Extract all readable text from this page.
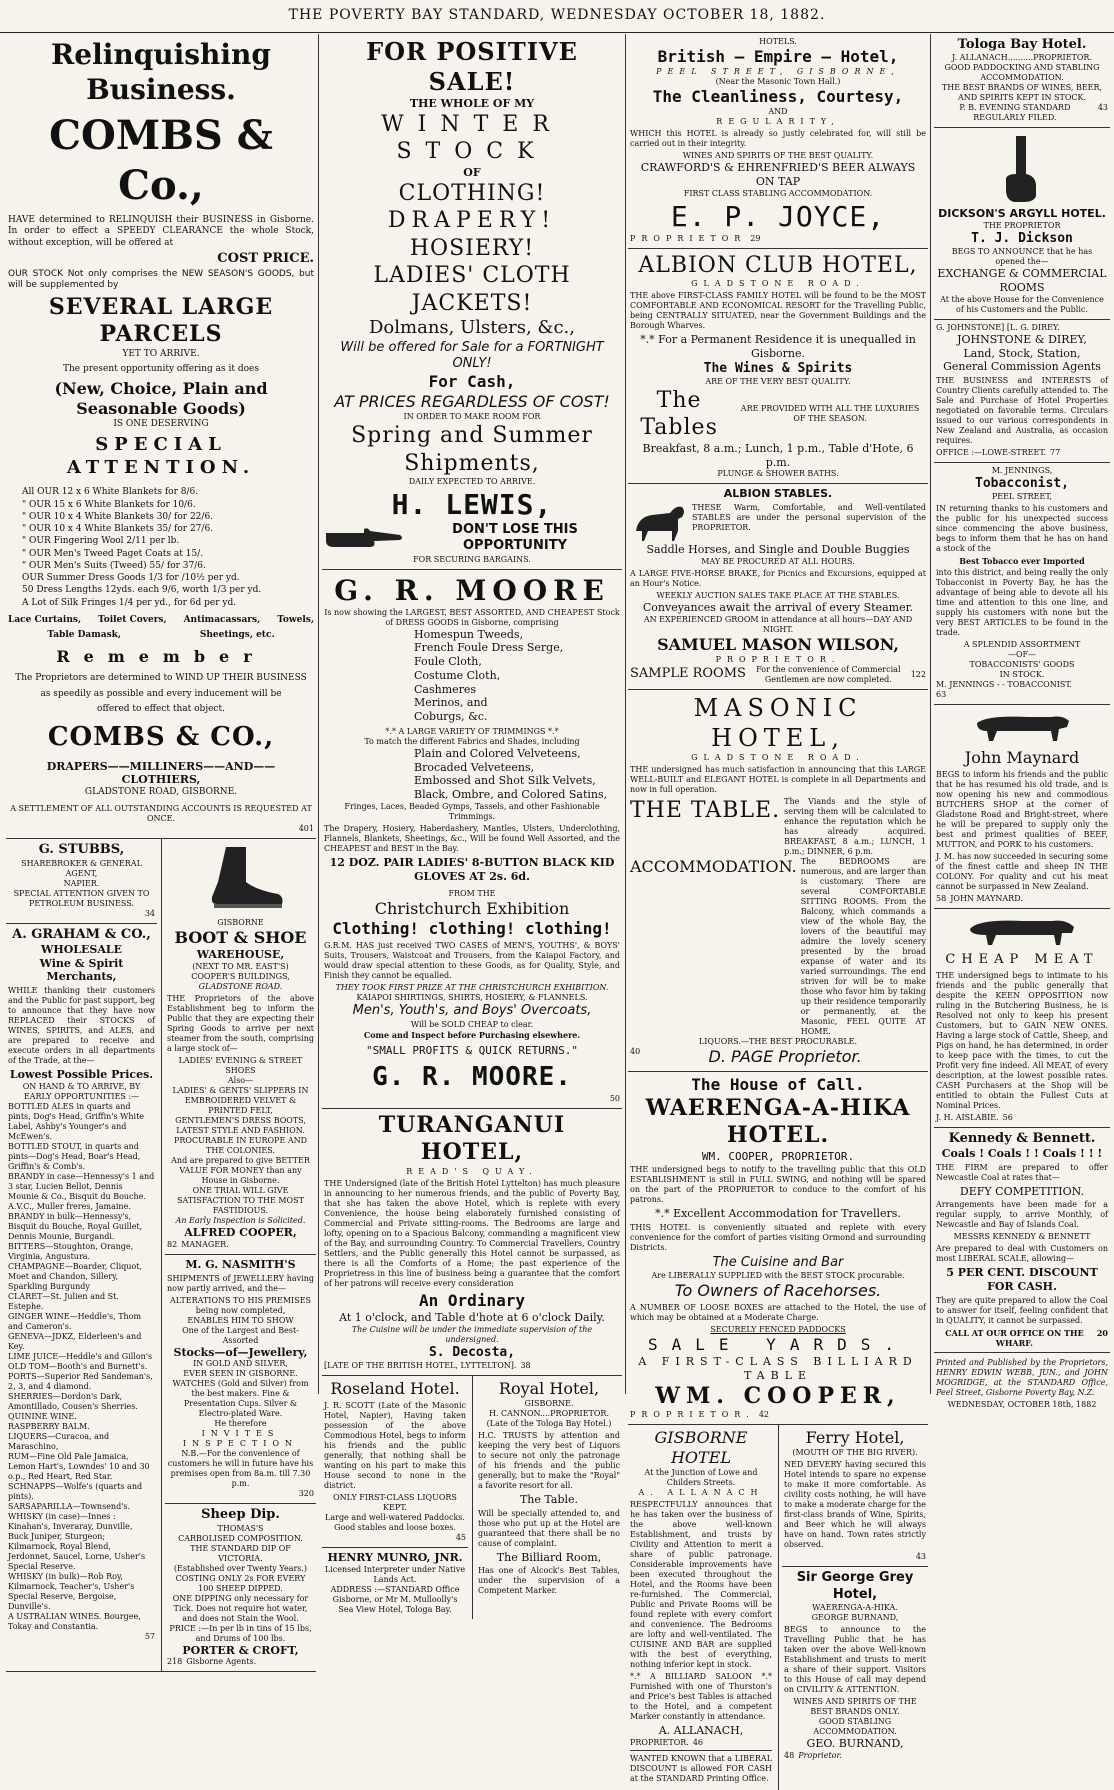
THE POVERTY BAY STANDARD, WEDNESDAY OCTOBER 18, 1882.
Relinquishing Business.
COMBS & Co.,

HAVE determined to RELINQUISH their BUSINESS in Gisborne. In order to effect a SPEEDY CLEARANCE the whole Stock, without exception, will be offered at

COST PRICE.

OUR STOCK Not only comprises the NEW SEASON'S GOODS, but will be supplemented by

SEVERAL LARGE PARCELS
YET TO ARRIVE.
The present opportunity offering as it does
(New, Choice, Plain and Seasonable Goods)
IS ONE DESERVING
SPECIAL ATTENTION.
All OUR 12 x 6 White Blankets for 8/6.
" OUR 15 x 6 White Blankets for 10/6.
" OUR 10 x 4 White Blankets 30/ for 22/6.
" OUR 10 x 4 White Blankets 35/ for 27/6.
" OUR Fingering Wool 2/11 per lb.
" OUR Men's Tweed Paget Coats at 15/.
" OUR Men's Suits (Tweed) 55/ for 37/6.
OUR Summer Dress Goods 1/3 for /10½ per yd.
50 Dress Lengths 12yds. each 9/6, worth 1/3 per yd.
A Lot of Silk Fringes 1/4 per yd., for 6d per yd.
Lace Curtains, Toilet Covers, Antimacassars, Towels,
Table Damask,	Sheetings, etc.
Remember
The Proprietors are determined to WIND UP THEIR BUSINESS
as speedily as possible and every inducement will be
offered to effect that object.
COMBS & CO.,
DRAPERS——MILLINERS——AND——CLOTHIERS,
GLADSTONE ROAD, GISBORNE.
A SETTLEMENT OF ALL OUTSTANDING ACCOUNTS IS REQUESTED AT ONCE.
401
G. STUBBS,
SHAREBROKER & GENERAL AGENT,
NAPIER.
SPECIAL ATTENTION GIVEN TO PETROLEUM BUSINESS.
34
A. GRAHAM & CO.,
WHOLESALE
Wine & Spirit Merchants,

WHILE thanking their customers and the Public for past support, beg to announce that they have now REPLACED their STOCKS of WINES, SPIRITS, and ALES, and are prepared to receive and execute orders in all departments of the Trade, at the—

Lowest Possible Prices.
ON HAND & TO ARRIVE, BY EARLY OPPORTUNITIES :—
BOTTLED ALES in quarts and pints, Dog's Head, Griffin's White Label, Ashby's Younger's and McEwen's.
BOTTLED STOUT, in quarts and pints—Dog's Head, Boar's Head, Griffin's & Comb's.
BRANDY in case—Hennessy's 1 and 3 star, Lucien Bellot, Dennis Mounie & Co., Bisquit du Bouche. A.V.C., Muller freres, Jamaine.
BRANDY in bulk—Hennessy's, Bisquit du Bouche, Royal Guillet, Dennis Mounie, Burgandi.
BITTERS—Stoughton, Orange, Virginia, Angustura.
CHAMPAGNE—Boarder, Cliquot, Moet and Chandon, Sillery, Sparkling Burgundy
CLARET—St. Julien and St. Estephe.
GINGER WINE—Heddle's, Thom and Cameron's.
GENEVA—JDKZ, Elderleen's and Key.
LIME JUICE—Heddle's and Gillon's
OLD TOM—Booth's and Burnett's.
PORTS—Superior Red Sandeman's, 2, 3, and 4 diamond.
SHERRIES—Dordon's Dark, Amontillado, Cousen's Sherries.
QUININE WINE.
RASPBERRY BALM.
LIQUERS—Curacoa, and Maraschino,
RUM—Fine Old Pale Jamaica, Lemon Hart's, Lowndes' 10 and 30 o.p., Red Heart, Red Star.
SCHNAPPS—Wolfe's (quarts and pints).
SARSAPARILLA—Townsend's.
WHISKY (in case)—Innes : Kinahan's, Inveraray, Dunville, Buck Juniper, Sturgeon; Kilmarnock, Royal Blend, Jerdonnet, Saucel, Lorne, Usher's Special Reserve.
WHISKY (in bulk)—Rob Roy, Kilmarnock, Teacher's, Usher's Special Reserve, Bergoise, Dunville's.
A USTRALIAN WINES. Bourgee, Tokay and Constantia.
57
GISBORNE
BOOT & SHOE
WAREHOUSE,
(NEXT TO MR. EAST'S)
COOPER'S BUILDINGS,
GLADSTONE ROAD.

THE Proprietors of the above Establishment beg to inform the Public that they are expecting their Spring Goods to arrive per next steamer from the south, comprising a large stock of—

LADIES' EVENING & STREET SHOES
Also—
LADIES' & GENTS' SLIPPERS IN EMBROIDERED VELVET & PRINTED FELT,
GENTLEMEN'S DRESS BOOTS, LATEST STYLE AND FASHION.
PROCURABLE IN EUROPE AND THE COLONIES.
And are prepared to give BETTER VALUE FOR MONEY than any House in Gisborne.
ONE TRIAL WILL GIVE SATISFACTION TO THE MOST FASTIDIOUS.
An Early Inspection is Solicited.
ALFRED COOPER,
82 MANAGER.
M. G. NASMITH'S

SHIPMENTS of JEWELLERY having now partly arrived, and the—

ALTERATIONS TO HIS PREMISES being now completed,
ENABLES HIM TO SHOW
One of the Largest and Best-Assorted
Stocks—of—Jewellery,
IN GOLD AND SILVER,
EVER SEEN IN GISBORNE.
WATCHES (Gold and Silver) from the best makers. Fine & Presentation Cups. Silver & Electro-plated Ware.
He therefore
INVITES INSPECTION
N.B.—For the convenience of customers he will in future have his premises open from 8a.m. till 7.30 p.m.
320
Sheep Dip.
THOMAS'S
CARBOLISED COMPOSITION.
THE STANDARD DIP OF VICTORIA.
(Established over Twenty Years.)
COSTING ONLY 2s FOR EVERY 100 SHEEP DIPPED.
ONE DIPPING only necessary for Tick. Does not require hot water, and does not Stain the Wool.
PRICE :—In per lb in tins of 15 lbs, and Drums of 100 lbs.
PORTER & CROFT,
218 Gisborne Agents.
FOR POSITIVE SALE!
THE WHOLE OF MY
WINTER STOCK
OF
CLOTHING!
DRAPERY!
HOSIERY!
LADIES' CLOTH JACKETS!
Dolmans, Ulsters, &c.,
Will be offered for Sale for a FORTNIGHT ONLY!
For Cash,
AT PRICES REGARDLESS OF COST!
IN ORDER TO MAKE ROOM FOR
Spring and Summer Shipments,
DAILY EXPECTED TO ARRIVE.
H. LEWIS,
DON'T LOSE THIS OPPORTUNITY
FOR SECURING BARGAINS.
G. R. MOORE
Is now showing the LARGEST, BEST ASSORTED, AND CHEAPEST Stock of DRESS GOODS in Gisborne, comprising
Homespun Tweeds,
French Foule Dress Serge,
Foule Cloth,
Costume Cloth,
Cashmeres
Merinos, and
Coburgs, &c.
*.* A LARGE VARIETY OF TRIMMINGS *.*
To match the different Fabrics and Shades, including
Plain and Colored Velveteens,
Brocaded Velveteens,
Embossed and Shot Silk Velvets,
Black, Ombre, and Colored Satins,
Fringes, Laces, Beaded Gymps, Tassels, and other Fashionable Trimmings.

The Drapery, Hosiery, Haberdashery, Mantles, Ulsters, Underclothing, Flannels, Blankets, Sheetings, &c., Will be found Well Assorted, and the CHEAPEST and BEST in the Bay.

12 DOZ. PAIR LADIES' 8-BUTTON BLACK KID GLOVES AT 2s. 6d.
FROM THE
Christchurch Exhibition
Clothing! clothing! clothing!

G.R.M. HAS just received TWO CASES of MEN'S, YOUTHS', & BOYS' Suits, Trousers, Waistcoat and Trousers, from the Kaiapoi Factory, and would draw special attention to these Goods, as for Quality, Style, and Finish they cannot be equalled.

THEY TOOK FIRST PRIZE AT THE CHRISTCHURCH EXHIBITION.
KAIAPOI SHIRTINGS, SHIRTS, HOSIERY, & FLANNELS.
Men's, Youth's, and Boys' Overcoats,
Will be SOLD CHEAP to clear.
Come and Inspect before Purchasing elsewhere.
"SMALL PROFITS & QUICK RETURNS."
G. R. MOORE.
50
TURANGANUI HOTEL,
READ'S QUAY.

THE Undersigned (late of the British Hotel Lyttelton) has much pleasure in announcing to her numerous friends, and the public of Poverty Bay, that she has taken the above Hotel, which is replete with every Convenience, the house being elaborately furnished consisting of Commercial and Private sitting-rooms. The Bedrooms are large and lofty, opening on to a Spacious Balcony, commanding a magnificent view of the Bay, and surrounding Country. To Commercial Travellers, Country Settlers, and the Public generally this Hotel cannot be surpassed, as there is all the Comforts of a Home; the past experience of the Proprietress in this line of business being a guarantee that the comfort of her patrons will receive every consideration

An Ordinary
At 1 o'clock, and Table d'hote at 6 o'clock Daily.
The Cuisine will be under the immediate supervision of the undersigned.
S. Decosta,
[LATE OF THE BRITISH HOTEL, LYTTELTON]. 38
Roseland Hotel.

J. R. SCOTT (Late of the Masonic Hotel, Napier), Having taken possession of the above Commodious Hotel, begs to inform his friends and the public generally, that nothing shall be wanting on his part to make this House second to none in the district.

ONLY FIRST-CLASS LIQUORS KEPT.
Large and well-watered Paddocks. Good stables and loose boxes.
45
HENRY MUNRO, JNR.
Licensed Interpreter under Native Lands Act.
ADDRESS :—STANDARD Office Gisborne, or Mr M. Mulloolly's Sea View Hotel, Tologa Bay.
Royal Hotel,
GISBORNE.
H. CANNON....PROPRIETOR.
(Late of the Tologa Bay Hotel.)

H.C. TRUSTS by attention and keeping the very best of Liquors to secure not only the patronage of his friends and the public generally, but to make the "Royal" a favorite resort for all.

The Table.

Will be specially attended to, and those who put up at the Hotel are guaranteed that there shall be no cause of complaint.

The Billiard Room,

Has one of Alcock's Best Tables, under the supervision of a Competent Marker.

HOTELS.
British — Empire — Hotel,
PEEL STREET, GISBORNE,
(Near the Masonic Town Hall.)
The Cleanliness, Courtesy,
AND
REGULARITY,

WHICH this HOTEL is already so justly celebrated for, will still be carried out in their integrity.

WINES AND SPIRITS OF THE BEST QUALITY.
CRAWFORD'S & EHRENFRIED'S BEER ALWAYS ON TAP
FIRST CLASS STABLING ACCOMMODATION.
E. P. JOYCE,
PROPRIETOR 29
ALBION CLUB HOTEL,
GLADSTONE ROAD.

THE above FIRST-CLASS FAMILY HOTEL will be found to be the MOST COMFORTABLE AND ECONOMICAL RESORT for the Travelling Public, being CENTRALLY SITUATED, near the Government Buildings and the Borough Wharves.

*.* For a Permanent Residence it is unequalled in Gisborne.
The Wines & Spirits
ARE OF THE VERY BEST QUALITY.
The Tables
ARE PROVIDED WITH ALL THE LUXURIES OF THE SEASON.
Breakfast, 8 a.m.; Lunch, 1 p.m., Table d'Hote, 6 p.m.
PLUNGE & SHOWER BATHS.
ALBION STABLES.

THESE Warm, Comfortable, and Well-ventilated STABLES are under the personal supervision of the PROPRIETOR.

Saddle Horses, and Single and Double Buggies
MAY BE PROCURED AT ALL HOURS.

A LARGE FIVE-HORSE BRAKE, for Picnics and Excursions, equipped at an Hour's Notice.

WEEKLY AUCTION SALES TAKE PLACE AT THE STABLES.
Conveyances await the arrival of every Steamer.
AN EXPERIENCED GROOM in attendance at all hours—DAY AND NIGHT.
SAMUEL MASON WILSON,
PROPRIETOR.
SAMPLE ROOMS	For the convenience of Commercial Gentlemen are now completed.
122
MASONIC HOTEL,
GLADSTONE ROAD.

THE undersigned has much satisfaction in announcing that this LARGE WELL-BUILT and ELEGANT HOTEL is complete in all Departments and now in full operation.

THE TABLE. The Viands and the style of serving them will be calculated to enhance the reputation which he has already acquired. BREAKFAST, 8 a.m.; LUNCH, 1 p.m.; DINNER, 6 p.m.

ACCOMMODATION. The BEDROOMS are numerous, and are larger than is customary. There are several COMFORTABLE SITTING ROOMS. From the Balcony, which commands a view of the whole Bay, the lovers of the beautiful may admire the lovely scenery presented by the broad expanse of water and its varied surroundings. The end striven for will be to make those who favor him by taking up their residence temporarily or permanently, at the Masonic, FEEL QUITE AT HOME.

LIQUORS.—THE BEST PROCURABLE.
40	D. PAGE Proprietor.
The House of Call.
WAERENGA-A-HIKA HOTEL.
WM. COOPER, PROPRIETOR.

THE undersigned begs to notify to the travelling public that this OLD ESTABLISHMENT is still in FULL SWING, and nothing will be spared on the part of the PROPRIETOR to conduce to the comfort of his patrons.

*.* Excellent Accommodation for Travellers.

THIS HOTEL is conveniently situated and replete with every convenience for the comfort of parties visiting Ormond and surrounding Districts.

The Cuisine and Bar
Are LIBERALLY SUPPLIED with the BEST STOCK procurable.
To Owners of Racehorses.

A NUMBER OF LOOSE BOXES are attached to the Hotel, the use of which may be obtained at a Moderate Charge.

SECURELY FENCED PADDOCKS
SALE YARDS.
A FIRST-CLASS BILLIARD TABLE
WM. COOPER,
PROPRIETOR. 42
GISBORNE HOTEL
At the Junction of Lowe and Childers Streets.
A. ALLANACH

RESPECTFULLY announces that he has taken over the business of the above well-known Establishment, and trusts by Civility and Attention to merit a share of public patronage. Considerable improvements have been executed throughout the Hotel, and the Rooms have been re-furnished. The Commercial, Public and Private Rooms will be found replete with every comfort and convenience. The Bedrooms are lofty and well-ventilated. The CUISINE AND BAR are supplied with the best of everything, nothing inferior kept in stock.

*.* A BILLIARD SALOON *.* Furnished with one of Thurston's and Price's best Tables is attached to the Hotel, and a competent Marker constantly in attendance.

A. ALLANACH,
PROPRIETOR. 46

WANTED KNOWN that a LIBERAL DISCOUNT is allowed FOR CASH at the STANDARD Printing Office.

Ferry Hotel,
(MOUTH OF THE BIG RIVER).

NED DEVERY having secured this Hotel intends to spare no expense to make it more comfortable. As civility costs nothing, he will have to make a moderate charge for the first-class brands of Wine, Spirits, and Beer which he will always have on hand. Town rates strictly observed.

43
Sir George Grey Hotel,
WAERENGA-A-HIKA.
GEORGE BURNAND,

BEGS to announce to the Travelling Public that he has taken over the above Well-known Establishment and trusts to merit a share of their support. Visitors to this House of call may depend on CIVILITY & ATTENTION.

WINES AND SPIRITS OF THE BEST BRANDS ONLY.
GOOD STABLING ACCOMMODATION.
GEO. BURNAND,
48 Proprietor.
Tologa Bay Hotel.
J. ALLANACH..........PROPRIETOR.
GOOD PADDOCKING AND STABLING ACCOMMODATION.
THE BEST BRANDS OF WINES, BEER, AND SPIRITS KEPT IN STOCK.
P. B. EVENING STANDARD REGULARLY FILED.
43
DICKSON'S ARGYLL HOTEL.
THE PROPRIETOR
T. J. Dickson
BEGS TO ANNOUNCE that he has opened the—
EXCHANGE & COMMERCIAL ROOMS
At the above House for the Convenience of his Customers and the Public.
G. JOHNSTONE] [L. G. DIREY.
JOHNSTONE & DIREY,
Land, Stock, Station,
General Commission Agents

THE BUSINESS and INTERESTS of Country Clients carefully attended to. The Sale and Purchase of Hotel Properties negotiated on favorable terms. Circulars issued to our various correspondents in New Zealand and Australia, as occasion requires.

OFFICE :—LOWE-STREET. 77
M. JENNINGS,
Tobacconist,
PEEL STREET,

IN returning thanks to his customers and the public for his unexpected success since commencing the above business, begs to inform them that he has on hand a stock of the

Best Tobacco ever Imported

into this district, and being really the only Tobacconist in Poverty Bay, he has the advantage of being able to devote all his time and attention to this one line, and supply his customers with none but the very BEST ARTICLES to be found in the trade.

A SPLENDID ASSORTMENT
—OF—
TOBACCONISTS' GOODS
IN STOCK.
M. JENNINGS - - TOBACCONIST.
63
John Maynard

BEGS to inform his friends and the public that he has resumed his old trade, and is now opening his new and commodious BUTCHERS SHOP at the corner of Gladstone Road and Bright-street, where he will be prepared to supply only the best and primest qualities of BEEF, MUTTON, and PORK to his customers.

J. M. has now succeeded in securing some of the finest cattle and sheep IN THE COLONY. For quality and cut his meat cannot be surpassed in New Zealand.

58 JOHN MAYNARD.
CHEAP MEAT

THE undersigned begs to intimate to his friends and the public generally that despite the KEEN OPPOSITION now ruling in the Butchering Business, he is Resolved not only to keep his present Customers, but to GAIN NEW ONES. Having a large stock of Cattle, Sheep, and Pigs on hand, he has determined, in order to keep pace with the times, to cut the Profit very fine indeed. All MEAT, of every description, at the lowest possible rates. CASH Purchasers at the Shop will be entitled to obtain the Fullest Cuts at Nominal Prices.

J. H. AISLABIE. 56
Kennedy & Bennett.
Coals ! Coals ! ! Coals ! ! !

THE FIRM are prepared to offer Newcastle Coal at rates that—

DEFY COMPETITION.

Arrangements have been made for a regular supply, to arrive Monthly, of Newcastle and Bay of Islands Coal.

MESSRS KENNEDY & BENNETT

Are prepared to deal with Customers on most LIBERAL SCALE, allowing—

5 PER CENT. DISCOUNT FOR CASH.

They are quite prepared to allow the Coal to answer for itself, feeling confident that in QUALITY, it cannot be surpassed.

CALL AT OUR OFFICE ON THE WHARF.
20

Printed and Published by the Proprietors, HENRY EDWIN WEBB, JUN., and JOHN MOGRIDGE, at the STANDARD Office, Peel Street, Gisborne Poverty Bay, N.Z.

WEDNESDAY, OCTOBER 18th, 1882
